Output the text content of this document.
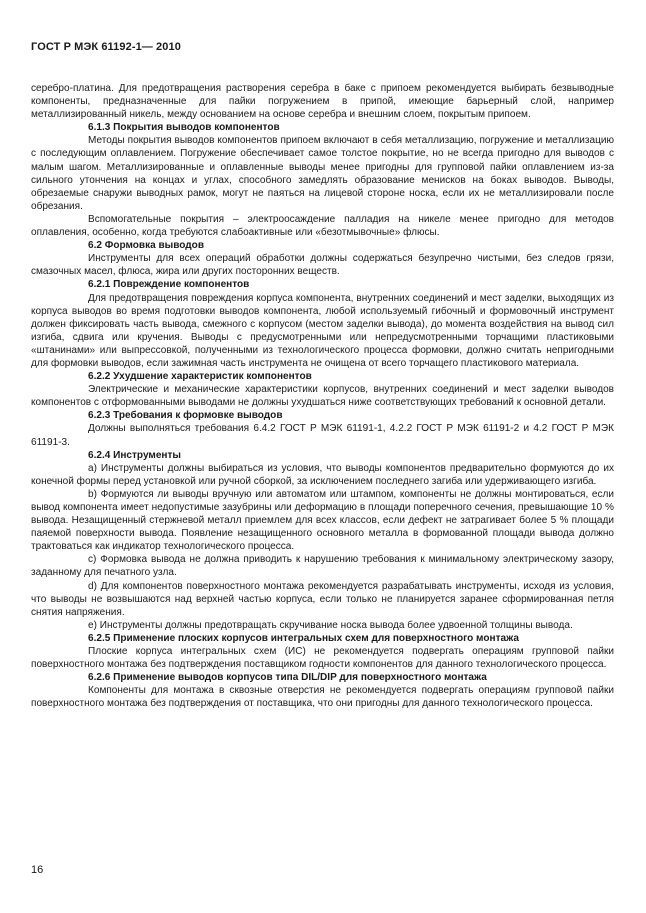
ГОСТ Р МЭК 61192-1— 2010

серебро-платина. Для предотвращения растворения серебра в баке с припоем рекомендуется выбирать безвыводные компоненты, предназначенные для пайки погружением в припой, имеющие барьерный слой, например металлизированный никель, между основанием на основе серебра и внешним слоем, покрытым припоем.

6.1.3 Покрытия выводов компонентов

Методы покрытия выводов компонентов припоем включают в себя металлизацию, погружение и металлизацию с последующим оплавлением. Погружение обеспечивает самое толстое покрытие, но не всегда пригодно для выводов с малым шагом. Металлизированные и оплавленные выводы менее пригодны для групповой пайки оплавлением из-за сильного утончения на концах и углах, способного замедлять образование менисков на боках выводов. Выводы, обрезаемые снаружи выводных рамок, могут не паяться на лицевой стороне носка, если их не металлизировали после обрезания.

Вспомогательные покрытия – электроосаждение палладия на никеле менее пригодно для методов оплавления, особенно, когда требуются слабоактивные или «безотмывочные» флюсы.

6.2 Формовка выводов

Инструменты для всех операций обработки должны содержаться безупречно чистыми, без следов грязи, смазочных масел, флюса, жира или других посторонних веществ.

6.2.1 Повреждение компонентов

Для предотвращения повреждения корпуса компонента, внутренних соединений и мест заделки, выходящих из корпуса выводов во время подготовки выводов компонента, любой используемый гибочный и формовочный инструмент должен фиксировать часть вывода, смежного с корпусом (местом заделки вывода), до момента воздействия на вывод сил изгиба, сдвига или кручения. Выводы с предусмотренными или непредусмотренными торчащими пластиковыми «штанинами» или выпрессовкой, полученными из технологического процесса формовки, должно считать непригодными для формовки выводов, если зажимная часть инструмента не очищена от всего торчащего пластикового материала.

6.2.2 Ухудшение характеристик компонентов

Электрические и механические характеристики корпусов, внутренних соединений и мест заделки выводов компонентов с отформованными выводами не должны ухудшаться ниже соответствующих требований к основной детали.

6.2.3 Требования к формовке выводов

Должны выполняться требования 6.4.2 ГОСТ Р МЭК 61191-1, 4.2.2 ГОСТ Р МЭК 61191-2 и 4.2 ГОСТ Р МЭК 61191-3.

6.2.4 Инструменты

a) Инструменты должны выбираться из условия, что выводы компонентов предварительно формуются до их конечной формы перед установкой или ручной сборкой, за исключением последнего загиба или удерживающего изгиба.

b) Формуются ли выводы вручную или автоматом или штампом, компоненты не должны монтироваться, если вывод компонента имеет недопустимые зазубрины или деформацию в площади поперечного сечения, превышающие 10 % вывода. Незащищенный стержневой металл приемлем для всех классов, если дефект не затрагивает более 5 % площади паяемой поверхности вывода. Появление незащищенного основного металла в формованной площади вывода должно трактоваться как индикатор технологического процесса.

c) Формовка вывода не должна приводить к нарушению требования к минимальному электрическому зазору, заданному для печатного узла.

d) Для компонентов поверхностного монтажа рекомендуется разрабатывать инструменты, исходя из условия, что выводы не возвышаются над верхней частью корпуса, если только не планируется заранее сформированная петля снятия напряжения.

e) Инструменты должны предотвращать скручивание носка вывода более удвоенной толщины вывода.

6.2.5 Применение плоских корпусов интегральных схем для поверхностного монтажа

Плоские корпуса интегральных схем (ИС) не рекомендуется подвергать операциям групповой пайки поверхностного монтажа без подтверждения поставщиком годности компонентов для данного технологического процесса.

6.2.6 Применение выводов корпусов типа DIL/DIP для поверхностного монтажа

Компоненты для монтажа в сквозные отверстия не рекомендуется подвергать операциям групповой пайки поверхностного монтажа без подтверждения от поставщика, что они пригодны для данного технологического процесса.

16
